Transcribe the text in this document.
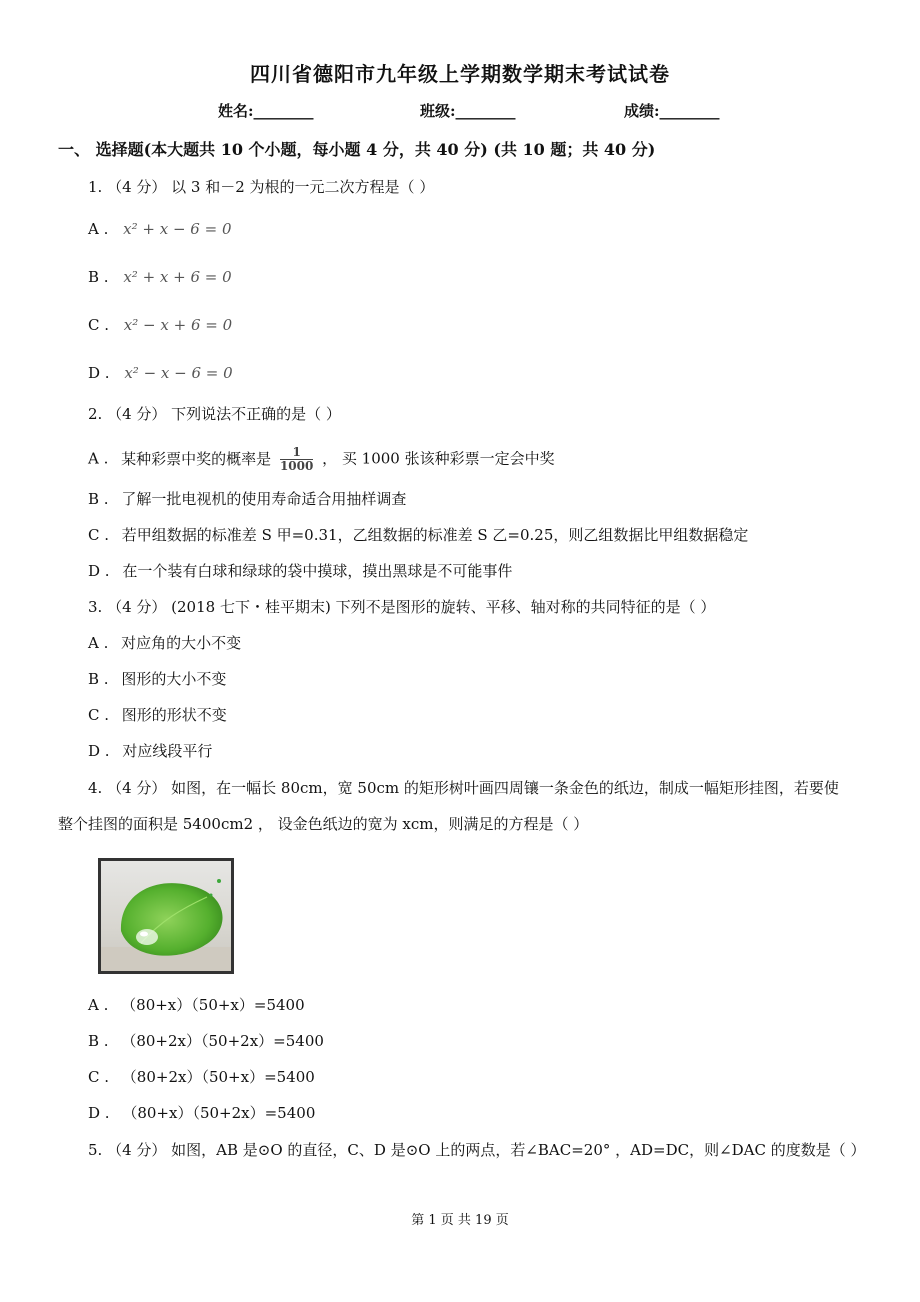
四川省德阳市九年级上学期数学期末考试试卷
姓名:________	班级:________	成绩:________
一、 选择题(本大题共 10 个小题，每小题 4 分，共 40 分) (共 10 题；共 40 分)
1. （4 分） 以 3 和－2 为根的一元二次方程是（ ）
A . x² + x − 6 = 0
B . x² + x + 6 = 0
C . x² − x + 6 = 0
D . x² − x − 6 = 0
2. （4 分） 下列说法不正确的是（ ）
A . 某种彩票中奖的概率是 $\frac{1}{1000}$ ， 买 1000 张该种彩票一定会中奖
B . 了解一批电视机的使用寿命适合用抽样调查
C . 若甲组数据的标准差 S 甲=0.31，乙组数据的标准差 S 乙=0.25，则乙组数据比甲组数据稳定
D . 在一个装有白球和绿球的袋中摸球，摸出黑球是不可能事件
3. （4 分） (2018 七下・桂平期末) 下列不是图形的旋转、平移、轴对称的共同特征的是（ ）
A . 对应角的大小不变
B . 图形的大小不变
C . 图形的形状不变
D . 对应线段平行
4. （4 分） 如图，在一幅长 80cm，宽 50cm 的矩形树叶画四周镶一条金色的纸边，制成一幅矩形挂图，若要使
整个挂图的面积是 5400cm2 ， 设金色纸边的宽为 xcm，则满足的方程是（ ）
A . （80+x）（50+x）=5400
B . （80+2x）（50+2x）=5400
C . （80+2x）（50+x）=5400
D . （80+x）（50+2x）=5400
5. （4 分） 如图，AB 是⊙O 的直径，C、D 是⊙O 上的两点，若∠BAC=20° ，AD=DC，则∠DAC 的度数是（ ）
第 1 页 共 19 页
